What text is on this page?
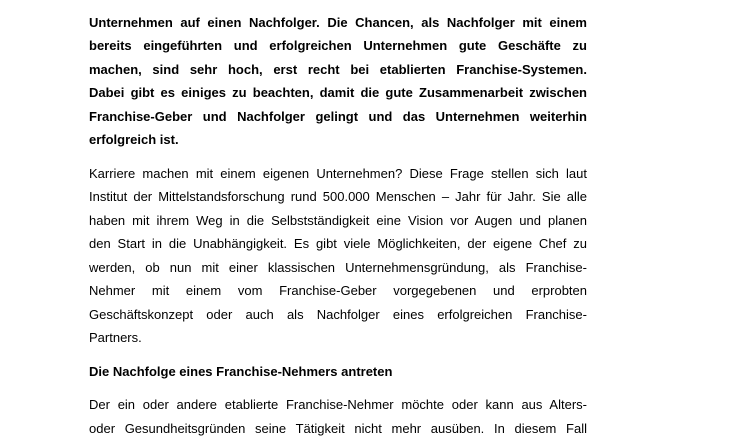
Unternehmen auf einen Nachfolger. Die Chancen, als Nachfolger mit einem
bereits eingeführten und erfolgreichen Unternehmen gute Geschäfte zu
machen, sind sehr hoch, erst recht bei etablierten Franchise-Systemen.
Dabei gibt es einiges zu beachten, damit die gute Zusammenarbeit zwischen
Franchise-Geber und Nachfolger gelingt und das Unternehmen weiterhin
erfolgreich ist.
Karriere machen mit einem eigenen Unternehmen? Diese Frage stellen sich laut
Institut der Mittelstandsforschung rund 500.000 Menschen – Jahr für Jahr. Sie alle
haben mit ihrem Weg in die Selbstständigkeit eine Vision vor Augen und planen
den Start in die Unabhängigkeit. Es gibt viele Möglichkeiten, der eigene Chef zu
werden, ob nun mit einer klassischen Unternehmensgründung, als Franchise-
Nehmer mit einem vom Franchise-Geber vorgegebenen und erprobten
Geschäftskonzept oder auch als Nachfolger eines erfolgreichen Franchise-
Partners.
Die Nachfolge eines Franchise-Nehmers antreten
Der ein oder andere etablierte Franchise-Nehmer möchte oder kann aus Alters-
oder Gesundheitsgründen seine Tätigkeit nicht mehr ausüben. In diesem Fall
